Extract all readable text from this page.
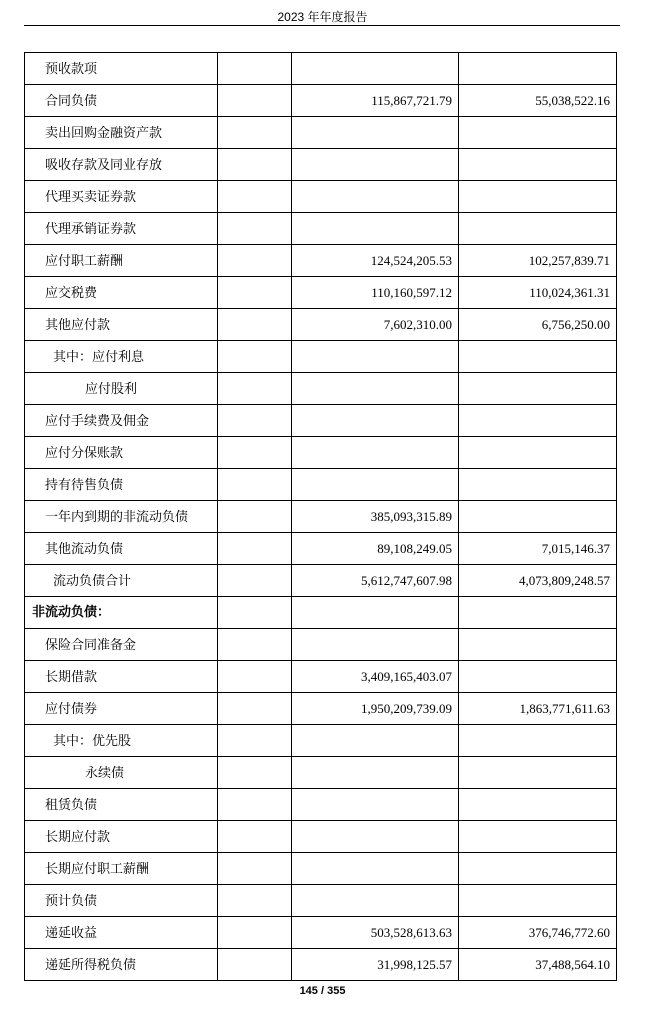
2023 年年度报告
预收款项			
合同负债		115,867,721.79	55,038,522.16
卖出回购金融资产款			
吸收存款及同业存放			
代理买卖证券款			
代理承销证券款			
应付职工薪酬		124,524,205.53	102,257,839.71
应交税费		110,160,597.12	110,024,361.31
其他应付款		7,602,310.00	6,756,250.00
其中：应付利息			
应付股利			
应付手续费及佣金			
应付分保账款			
持有待售负债			
一年内到期的非流动负债		385,093,315.89	
其他流动负债		89,108,249.05	7,015,146.37
流动负债合计		5,612,747,607.98	4,073,809,248.57
非流动负债：			
保险合同准备金			
长期借款		3,409,165,403.07	
应付债券		1,950,209,739.09	1,863,771,611.63
其中：优先股			
永续债			
租赁负债			
长期应付款			
长期应付职工薪酬			
预计负债			
递延收益		503,528,613.63	376,746,772.60
递延所得税负债		31,998,125.57	37,488,564.10
145 / 355
